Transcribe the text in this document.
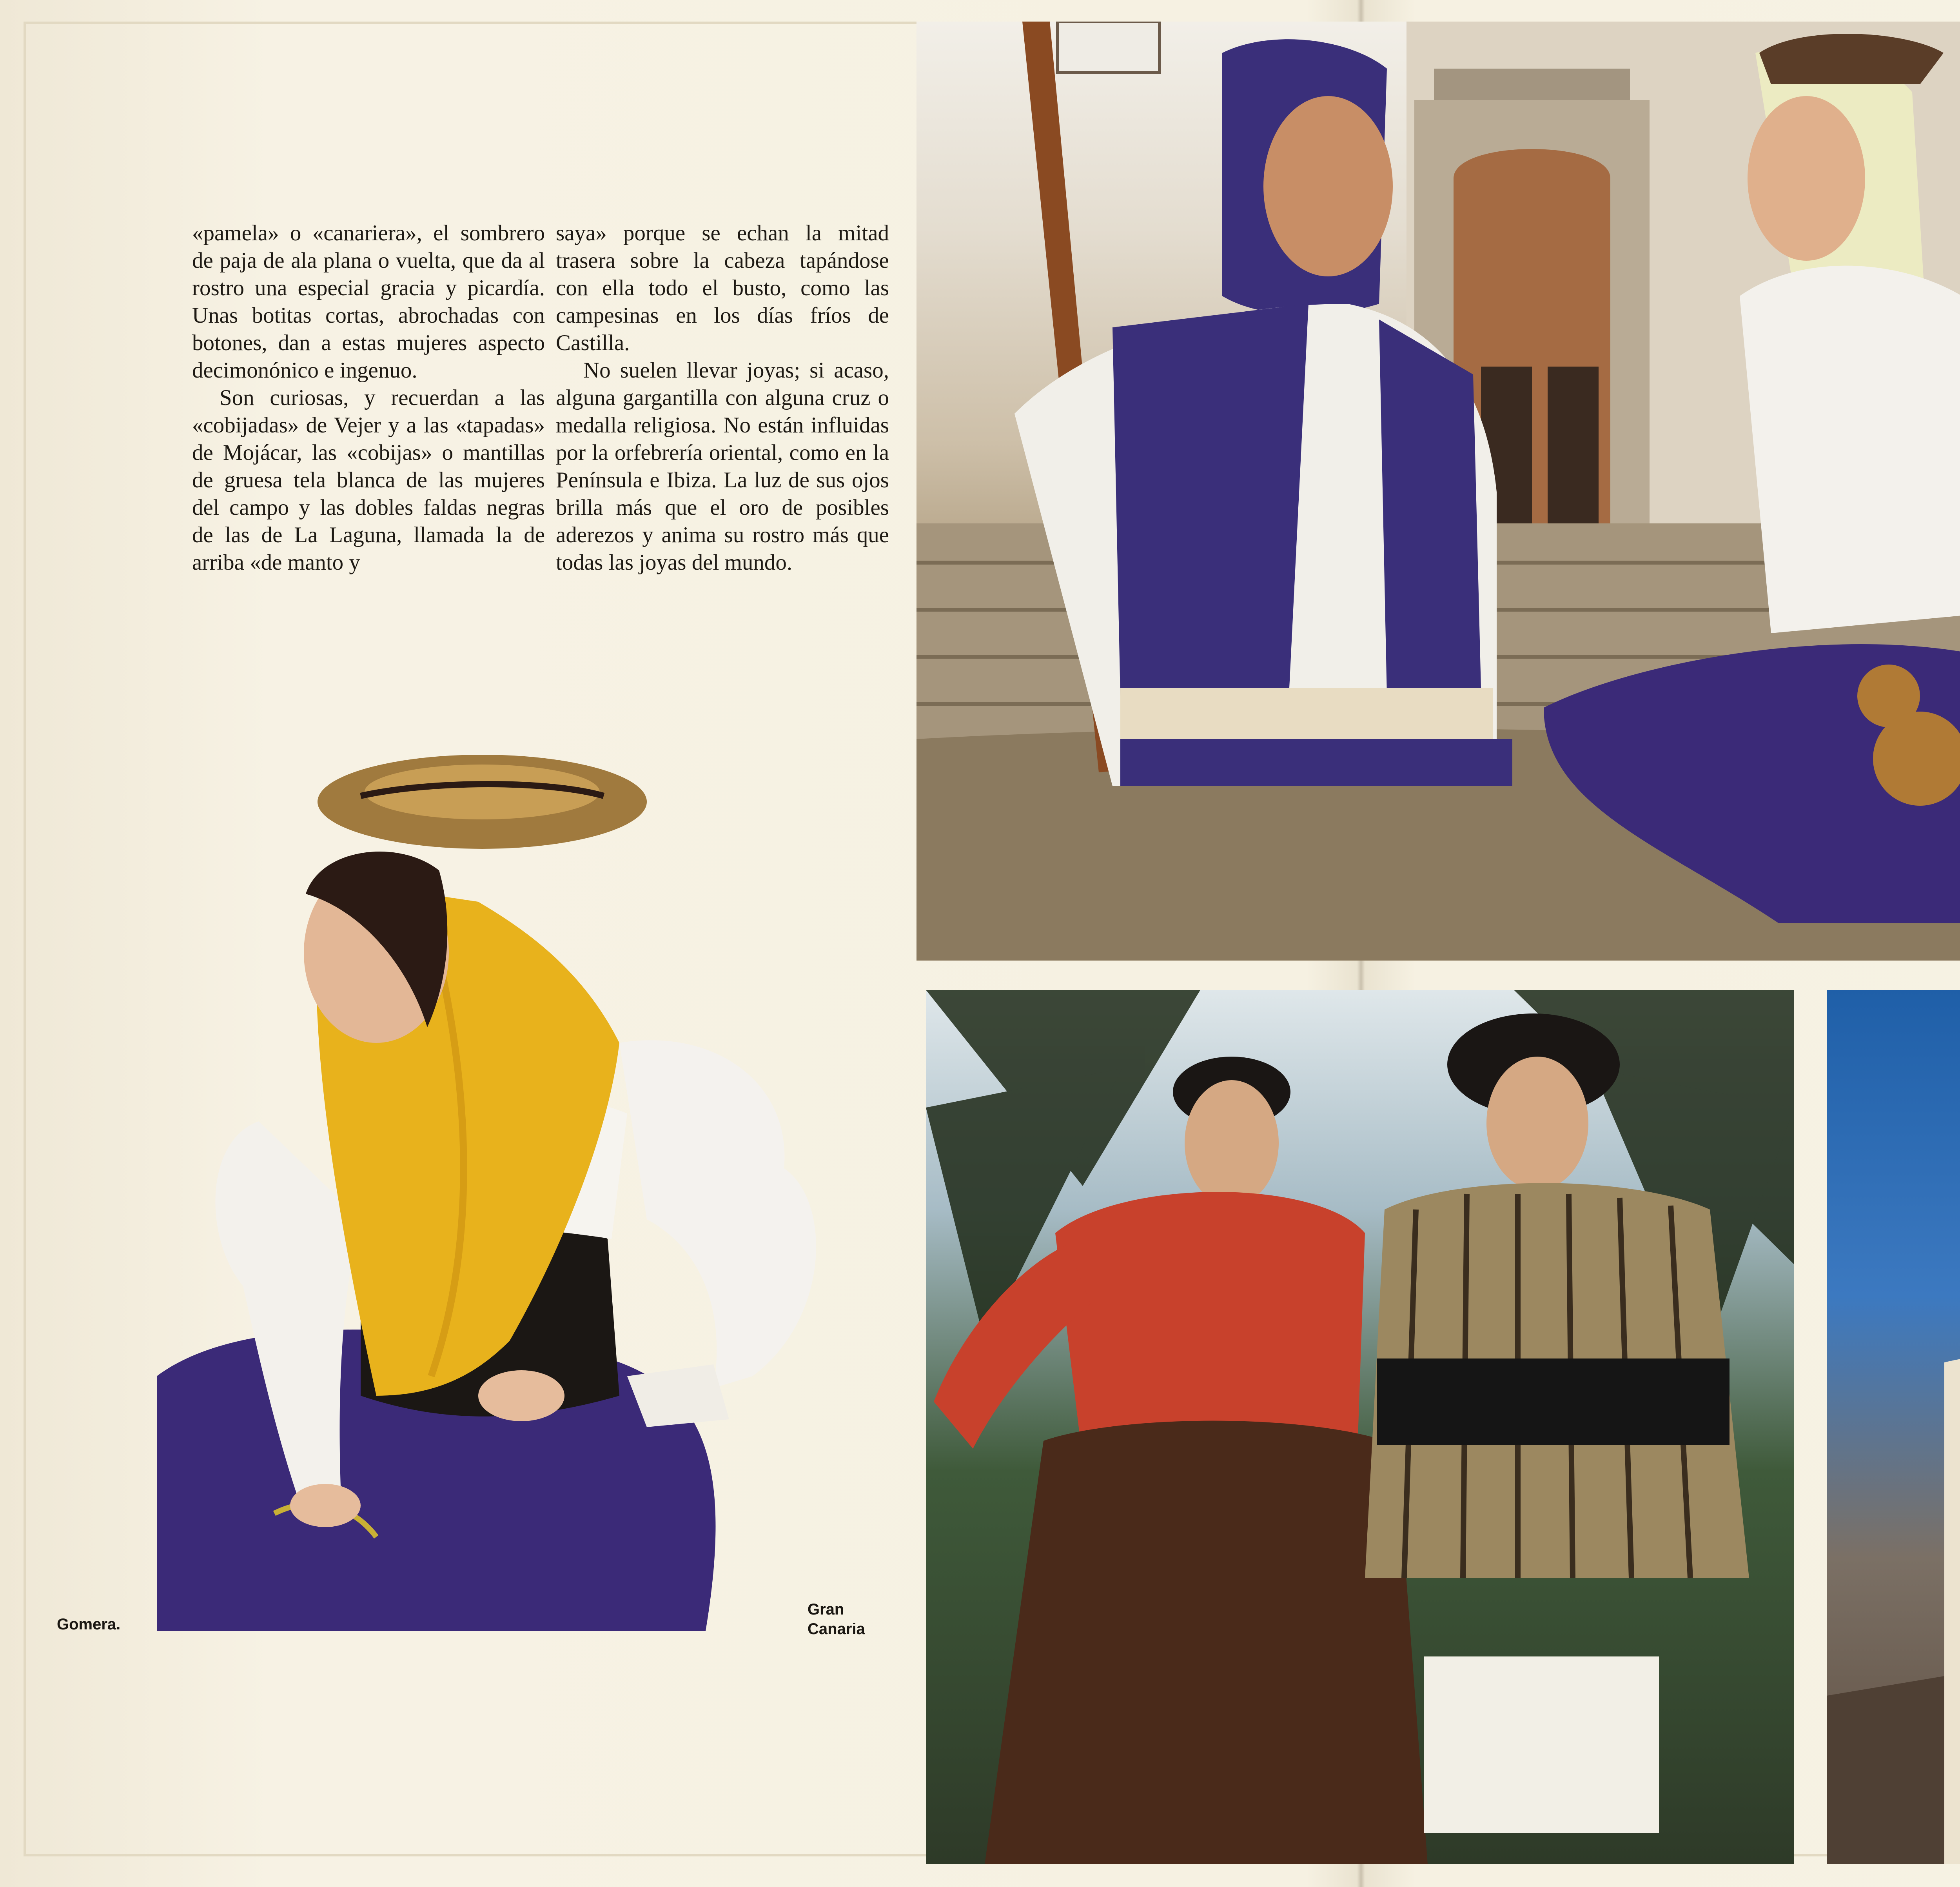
«pamela» o «canariera», el sombrero de paja de ala plana o vuelta, que da al rostro una especial gracia y picardía. Unas botitas cortas, abrochadas con botones, dan a estas mujeres aspecto decimonónico e ingenuo.

Son curiosas, y recuerdan a las «cobijadas» de Vejer y a las «tapadas» de Mojácar, las «cobijas» o mantillas de gruesa tela blanca de las mujeres del campo y las dobles faldas negras de las de La Laguna, llamada la de arriba «de manto y

saya» porque se echan la mitad trasera sobre la cabeza tapándose con ella todo el busto, como las campesinas en los días fríos de Castilla.

No suelen llevar joyas; si acaso, alguna gargantilla con alguna cruz o medalla religiosa. No están influidas por la orfebrería oriental, como en la Península e Ibiza. La luz de sus ojos brilla más que el oro de posibles aderezos y anima su rostro más que todas las joyas del mundo.

Gomera.
Gran
Canaria
